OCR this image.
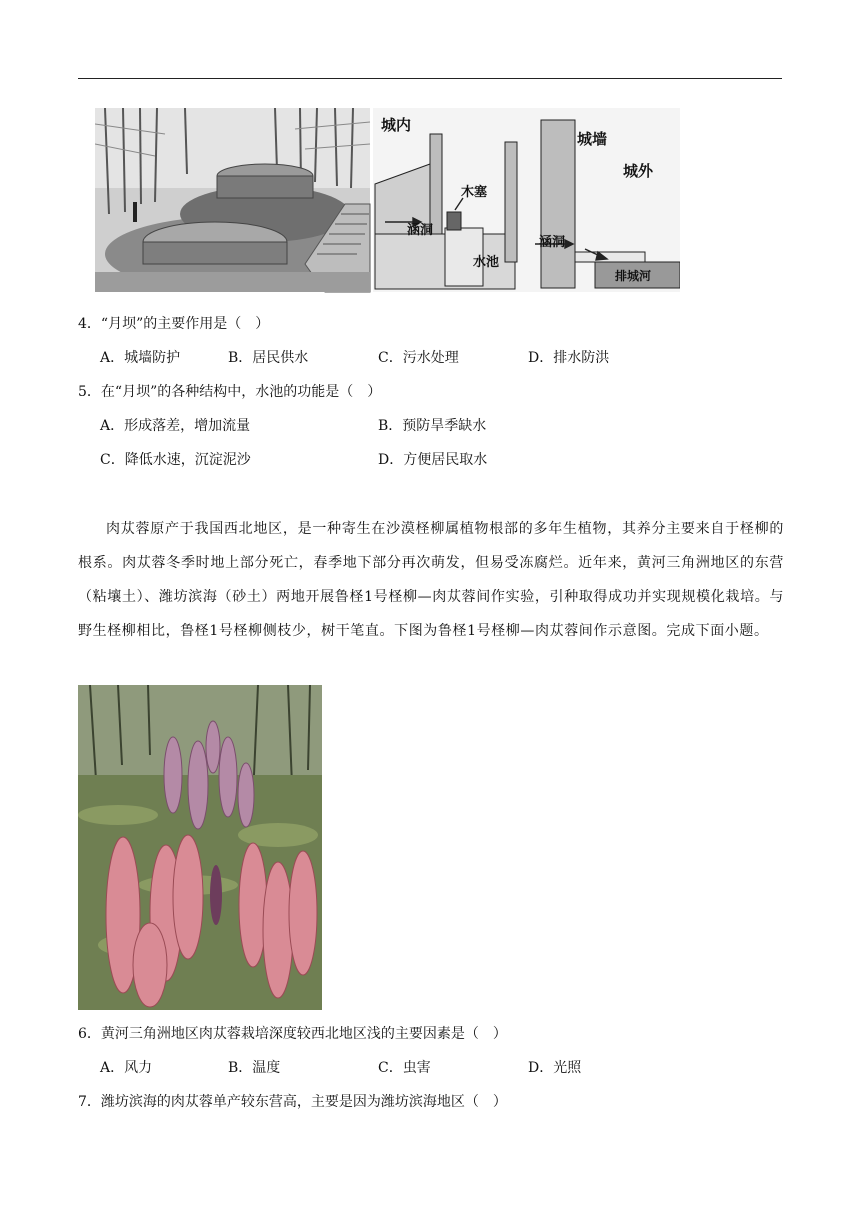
城内
城墙
城外
木塞
涵洞
涵洞
水池
排城河
4．“月坝”的主要作用是（　）
A．城墙防护	B．居民供水	C．污水处理	D．排水防洪
5．在“月坝”的各种结构中，水池的功能是（　）
A．形成落差，增加流量	B．预防旱季缺水
C．降低水速，沉淀泥沙	D．方便居民取水
肉苁蓉原产于我国西北地区，是一种寄生在沙漠柽柳属植物根部的多年生植物，其养分主要来自于柽柳的根系。肉苁蓉冬季时地上部分死亡，春季地下部分再次萌发，但易受冻腐烂。近年来，黄河三角洲地区的东营（粘壤土）、潍坊滨海（砂土）两地开展鲁柽1号柽柳—肉苁蓉间作实验，引种取得成功并实现规模化栽培。与野生柽柳相比，鲁柽1号柽柳侧枝少，树干笔直。下图为鲁柽1号柽柳—肉苁蓉间作示意图。完成下面小题。
6．黄河三角洲地区肉苁蓉栽培深度较西北地区浅的主要因素是（　）
A．风力	B．温度	C．虫害	D．光照
7．潍坊滨海的肉苁蓉单产较东营高，主要是因为潍坊滨海地区（　）
